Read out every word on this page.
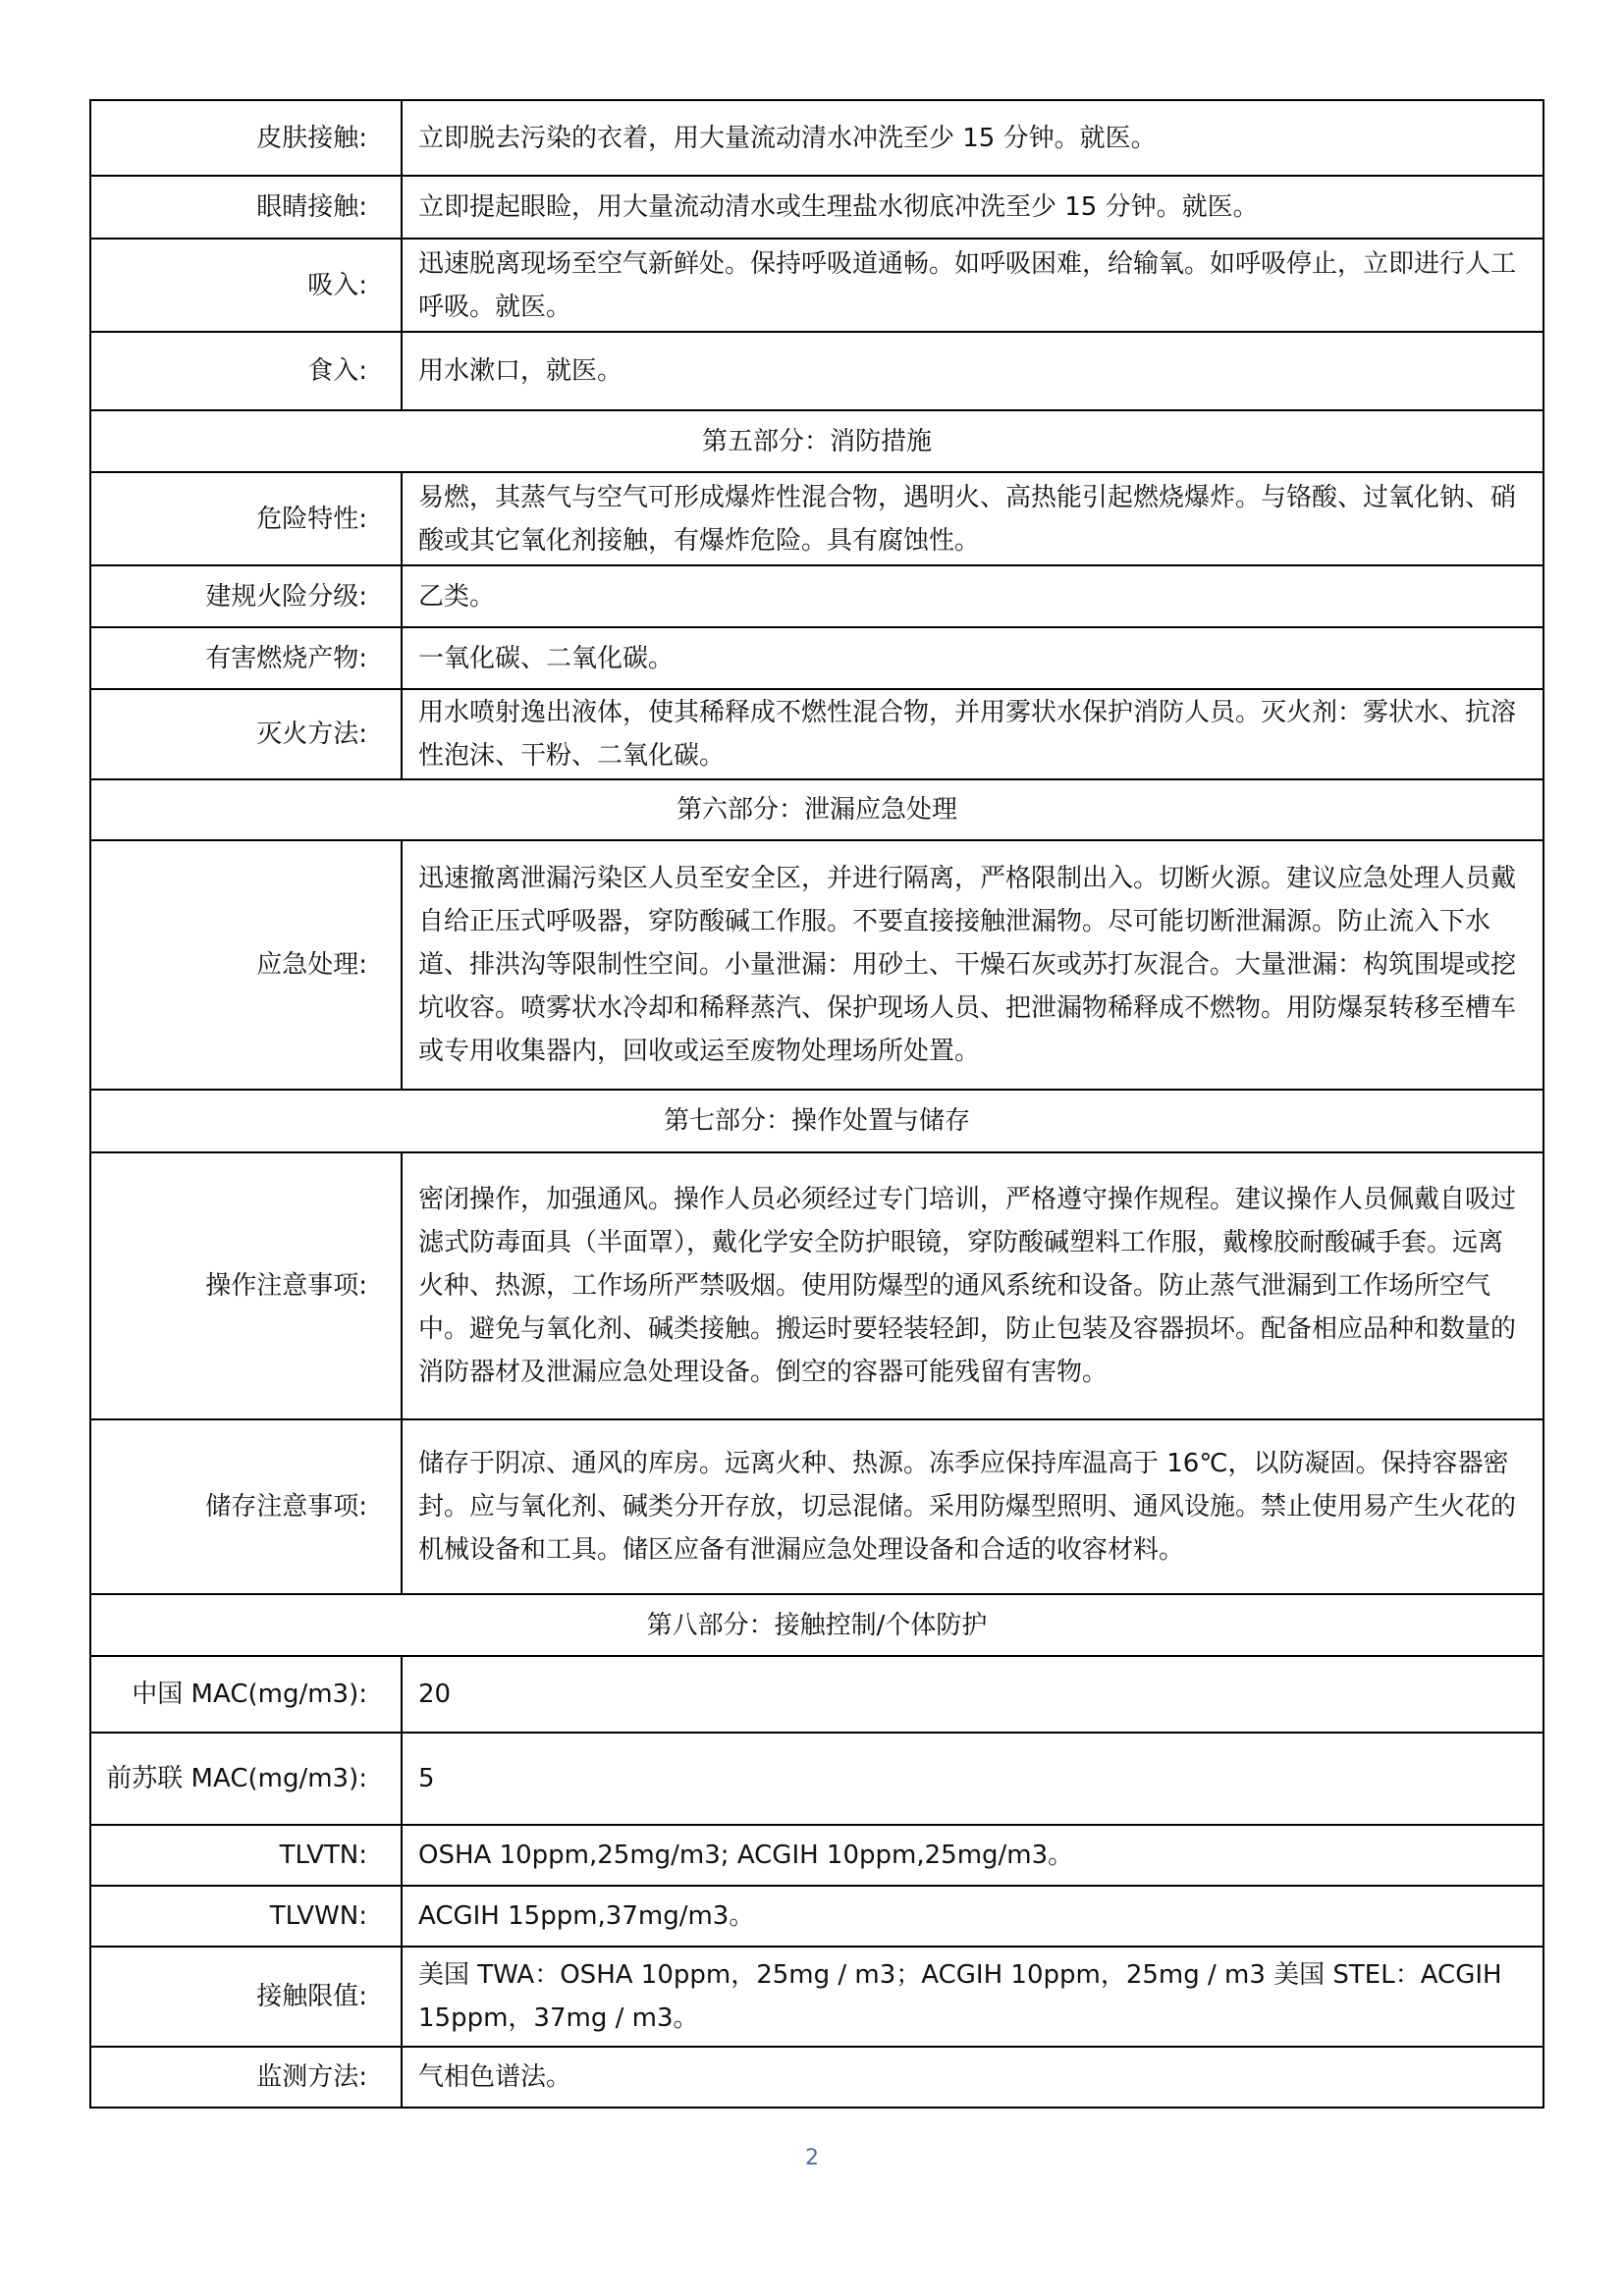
皮肤接触:	立即脱去污染的衣着，用大量流动清水冲洗至少 15 分钟。就医。
眼睛接触:	立即提起眼睑，用大量流动清水或生理盐水彻底冲洗至少 15 分钟。就医。
吸入:	迅速脱离现场至空气新鲜处。保持呼吸道通畅。如呼吸困难，给输氧。如呼吸停止，立即进行人工呼吸。就医。
食入:	用水漱口，就医。
第五部分：消防措施	
危险特性:	易燃，其蒸气与空气可形成爆炸性混合物，遇明火、高热能引起燃烧爆炸。与铬酸、过氧化钠、硝酸或其它氧化剂接触，有爆炸危险。具有腐蚀性。
建规火险分级:	乙类。
有害燃烧产物:	一氧化碳、二氧化碳。
灭火方法:	用水喷射逸出液体，使其稀释成不燃性混合物，并用雾状水保护消防人员。灭火剂：雾状水、抗溶性泡沫、干粉、二氧化碳。
第六部分：泄漏应急处理	
应急处理:	迅速撤离泄漏污染区人员至安全区，并进行隔离，严格限制出入。切断火源。建议应急处理人员戴自给正压式呼吸器，穿防酸碱工作服。不要直接接触泄漏物。尽可能切断泄漏源。防止流入下水道、排洪沟等限制性空间。小量泄漏：用砂土、干燥石灰或苏打灰混合。大量泄漏：构筑围堤或挖坑收容。喷雾状水冷却和稀释蒸汽、保护现场人员、把泄漏物稀释成不燃物。用防爆泵转移至槽车或专用收集器内，回收或运至废物处理场所处置。
第七部分：操作处置与储存	
操作注意事项:	密闭操作，加强通风。操作人员必须经过专门培训，严格遵守操作规程。建议操作人员佩戴自吸过滤式防毒面具（半面罩），戴化学安全防护眼镜，穿防酸碱塑料工作服，戴橡胶耐酸碱手套。远离火种、热源，工作场所严禁吸烟。使用防爆型的通风系统和设备。防止蒸气泄漏到工作场所空气中。避免与氧化剂、碱类接触。搬运时要轻装轻卸，防止包装及容器损坏。配备相应品种和数量的消防器材及泄漏应急处理设备。倒空的容器可能残留有害物。
储存注意事项:	储存于阴凉、通风的库房。远离火种、热源。冻季应保持库温高于 16℃，以防凝固。保持容器密封。应与氧化剂、碱类分开存放，切忌混储。采用防爆型照明、通风设施。禁止使用易产生火花的机械设备和工具。储区应备有泄漏应急处理设备和合适的收容材料。
第八部分：接触控制/个体防护	
中国 MAC(mg/m3):	20
前苏联 MAC(mg/m3):	5
TLVTN:	OSHA 10ppm,25mg/m3; ACGIH 10ppm,25mg/m3。
TLVWN:	ACGIH 15ppm,37mg/m3。
接触限值:	美国 TWA：OSHA 10ppm，25mg / m3；ACGIH 10ppm，25mg / m3 美国 STEL：ACGIH 15ppm，37mg / m3。
监测方法:	气相色谱法。
2
